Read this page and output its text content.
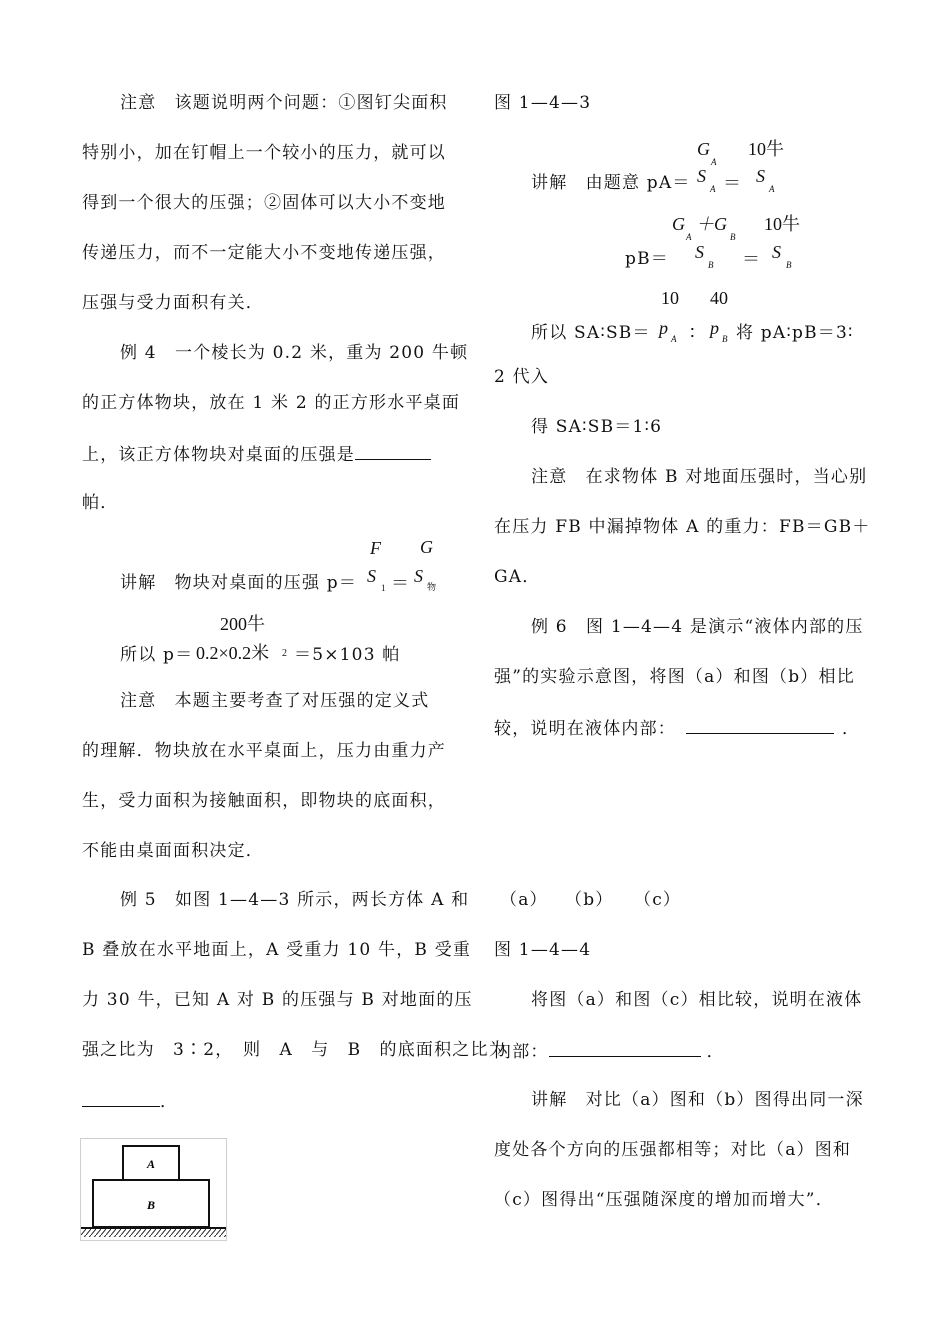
注意　该题说明两个问题：①图钉尖面积
特别小，加在钉帽上一个较小的压力，就可以
得到一个很大的压强；②固体可以大小不变地
传递压力，而不一定能大小不变地传递压强，
压强与受力面积有关．
例 4　一个棱长为 0.2 米，重为 200 牛顿
的正方体物块，放在 1 米 2 的正方形水平桌面
上，该正方体物块对桌面的压强是
帕．
F G
讲解　物块对桌面的压强 p＝ S
1 ＝ S
物
200牛
所以 p＝ 0.2×0.2米 2 ＝5×103 帕
注意　本题主要考查了对压强的定义式
的理解．物块放在水平桌面上，压力由重力产
生，受力面积为接触面积，即物块的底面积，
不能由桌面面积决定．
例 5　如图 1—4—3 所示，两长方体 A 和
B 叠放在水平地面上，A 受重力 10 牛，B 受重
力 30 牛，已知 A 对 B 的压强与 B 对地面的压
强之比为　3∶2，　则　A　与　B　的底面积之比为
．
A
B
图 1—4—3
G
A
10牛
讲解　由题意 pA＝ S
A ＝ S
A
G
A
＋G
B
10牛
pB＝ S
B ＝ S
B
10 40
所以 SA∶SB＝ p
A ∶ p
B 将 pA∶pB＝3∶
2 代入
得 SA∶SB＝1∶6
注意　在求物体 B 对地面压强时，当心别
在压力 FB 中漏掉物体 A 的重力：FB＝GB＋
GA．
例 6　图 1—4—4 是演示“液体内部的压
强”的实验示意图，将图（a）和图（b）相比
较，说明在液体内部：	．
（a） （b） （c）
图 1—4—4
将图（a）和图（c）相比较，说明在液体
内部：	．
讲解　对比（a）图和（b）图得出同一深
度处各个方向的压强都相等；对比（a）图和
（c）图得出“压强随深度的增加而增大”．
